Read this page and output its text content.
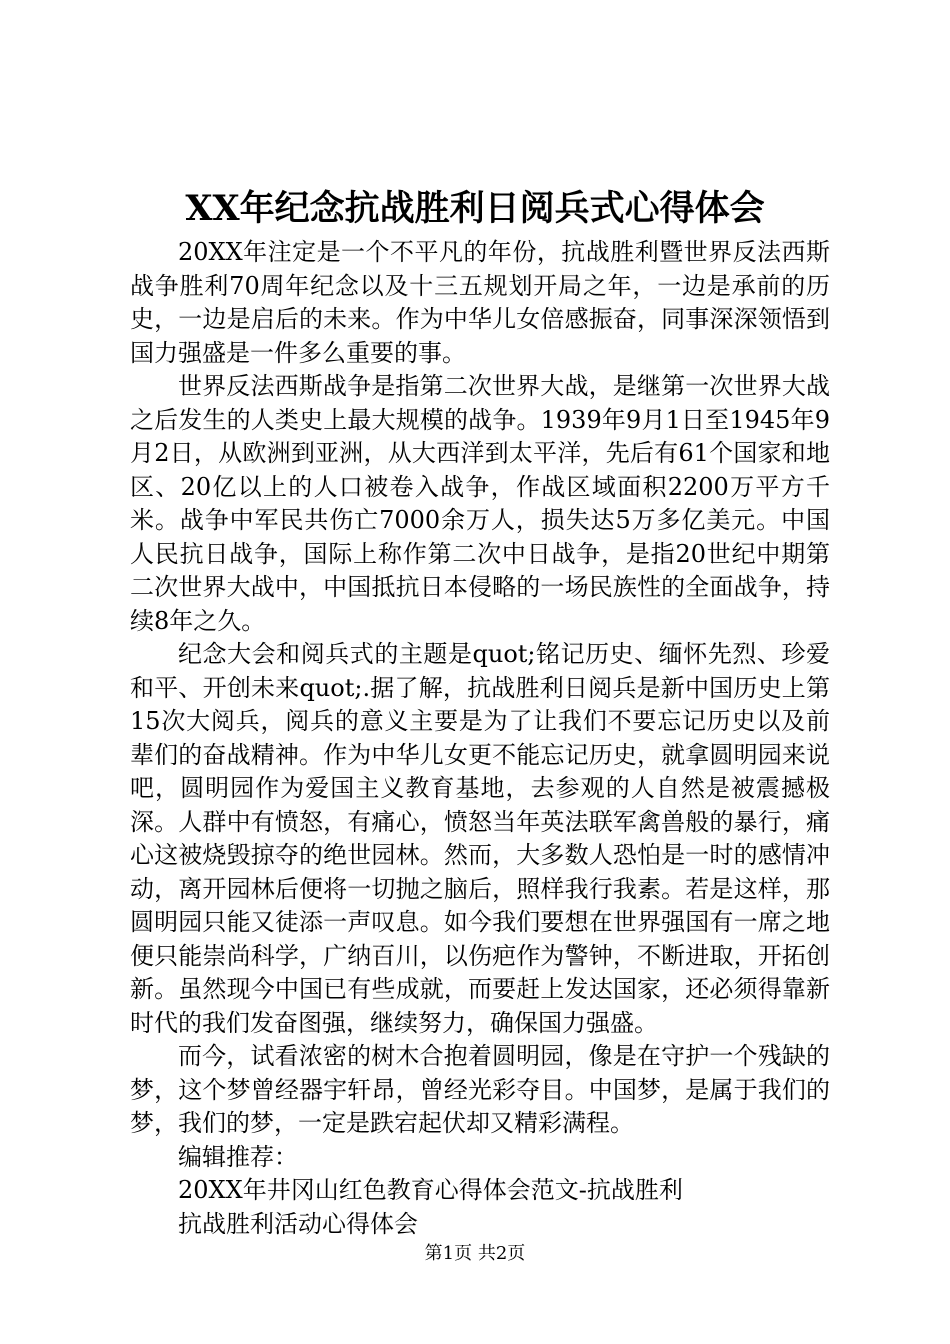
XX年纪念抗战胜利日阅兵式心得体会

20XX年注定是一个不平凡的年份，抗战胜利暨世界反法西斯战争胜利70周年纪念以及十三五规划开局之年，一边是承前的历史，一边是启后的未来。作为中华儿女倍感振奋，同事深深领悟到国力强盛是一件多么重要的事。

世界反法西斯战争是指第二次世界大战，是继第一次世界大战之后发生的人类史上最大规模的战争。1939年9月1日至1945年9月2日，从欧洲到亚洲，从大西洋到太平洋，先后有61个国家和地区、20亿以上的人口被卷入战争，作战区域面积2200万平方千米。战争中军民共伤亡7000余万人，损失达5万多亿美元。中国人民抗日战争，国际上称作第二次中日战争，是指20世纪中期第二次世界大战中，中国抵抗日本侵略的一场民族性的全面战争，持续8年之久。

纪念大会和阅兵式的主题是quot;铭记历史、缅怀先烈、珍爱和平、开创未来quot;.据了解，抗战胜利日阅兵是新中国历史上第15次大阅兵，阅兵的意义主要是为了让我们不要忘记历史以及前辈们的奋战精神。作为中华儿女更不能忘记历史，就拿圆明园来说吧，圆明园作为爱国主义教育基地，去参观的人自然是被震撼极深。人群中有愤怒，有痛心，愤怒当年英法联军禽兽般的暴行，痛心这被烧毁掠夺的绝世园林。然而，大多数人恐怕是一时的感情冲动，离开园林后便将一切抛之脑后，照样我行我素。若是这样，那圆明园只能又徒添一声叹息。如今我们要想在世界强国有一席之地便只能崇尚科学，广纳百川，以伤疤作为警钟，不断进取，开拓创新。虽然现今中国已有些成就，而要赶上发达国家，还必须得靠新时代的我们发奋图强，继续努力，确保国力强盛。

而今，试看浓密的树木合抱着圆明园，像是在守护一个残缺的梦，这个梦曾经器宇轩昂，曾经光彩夺目。中国梦，是属于我们的梦，我们的梦，一定是跌宕起伏却又精彩满程。

编辑推荐：

20XX年井冈山红色教育心得体会范文-抗战胜利

抗战胜利活动心得体会

第1页 共2页
